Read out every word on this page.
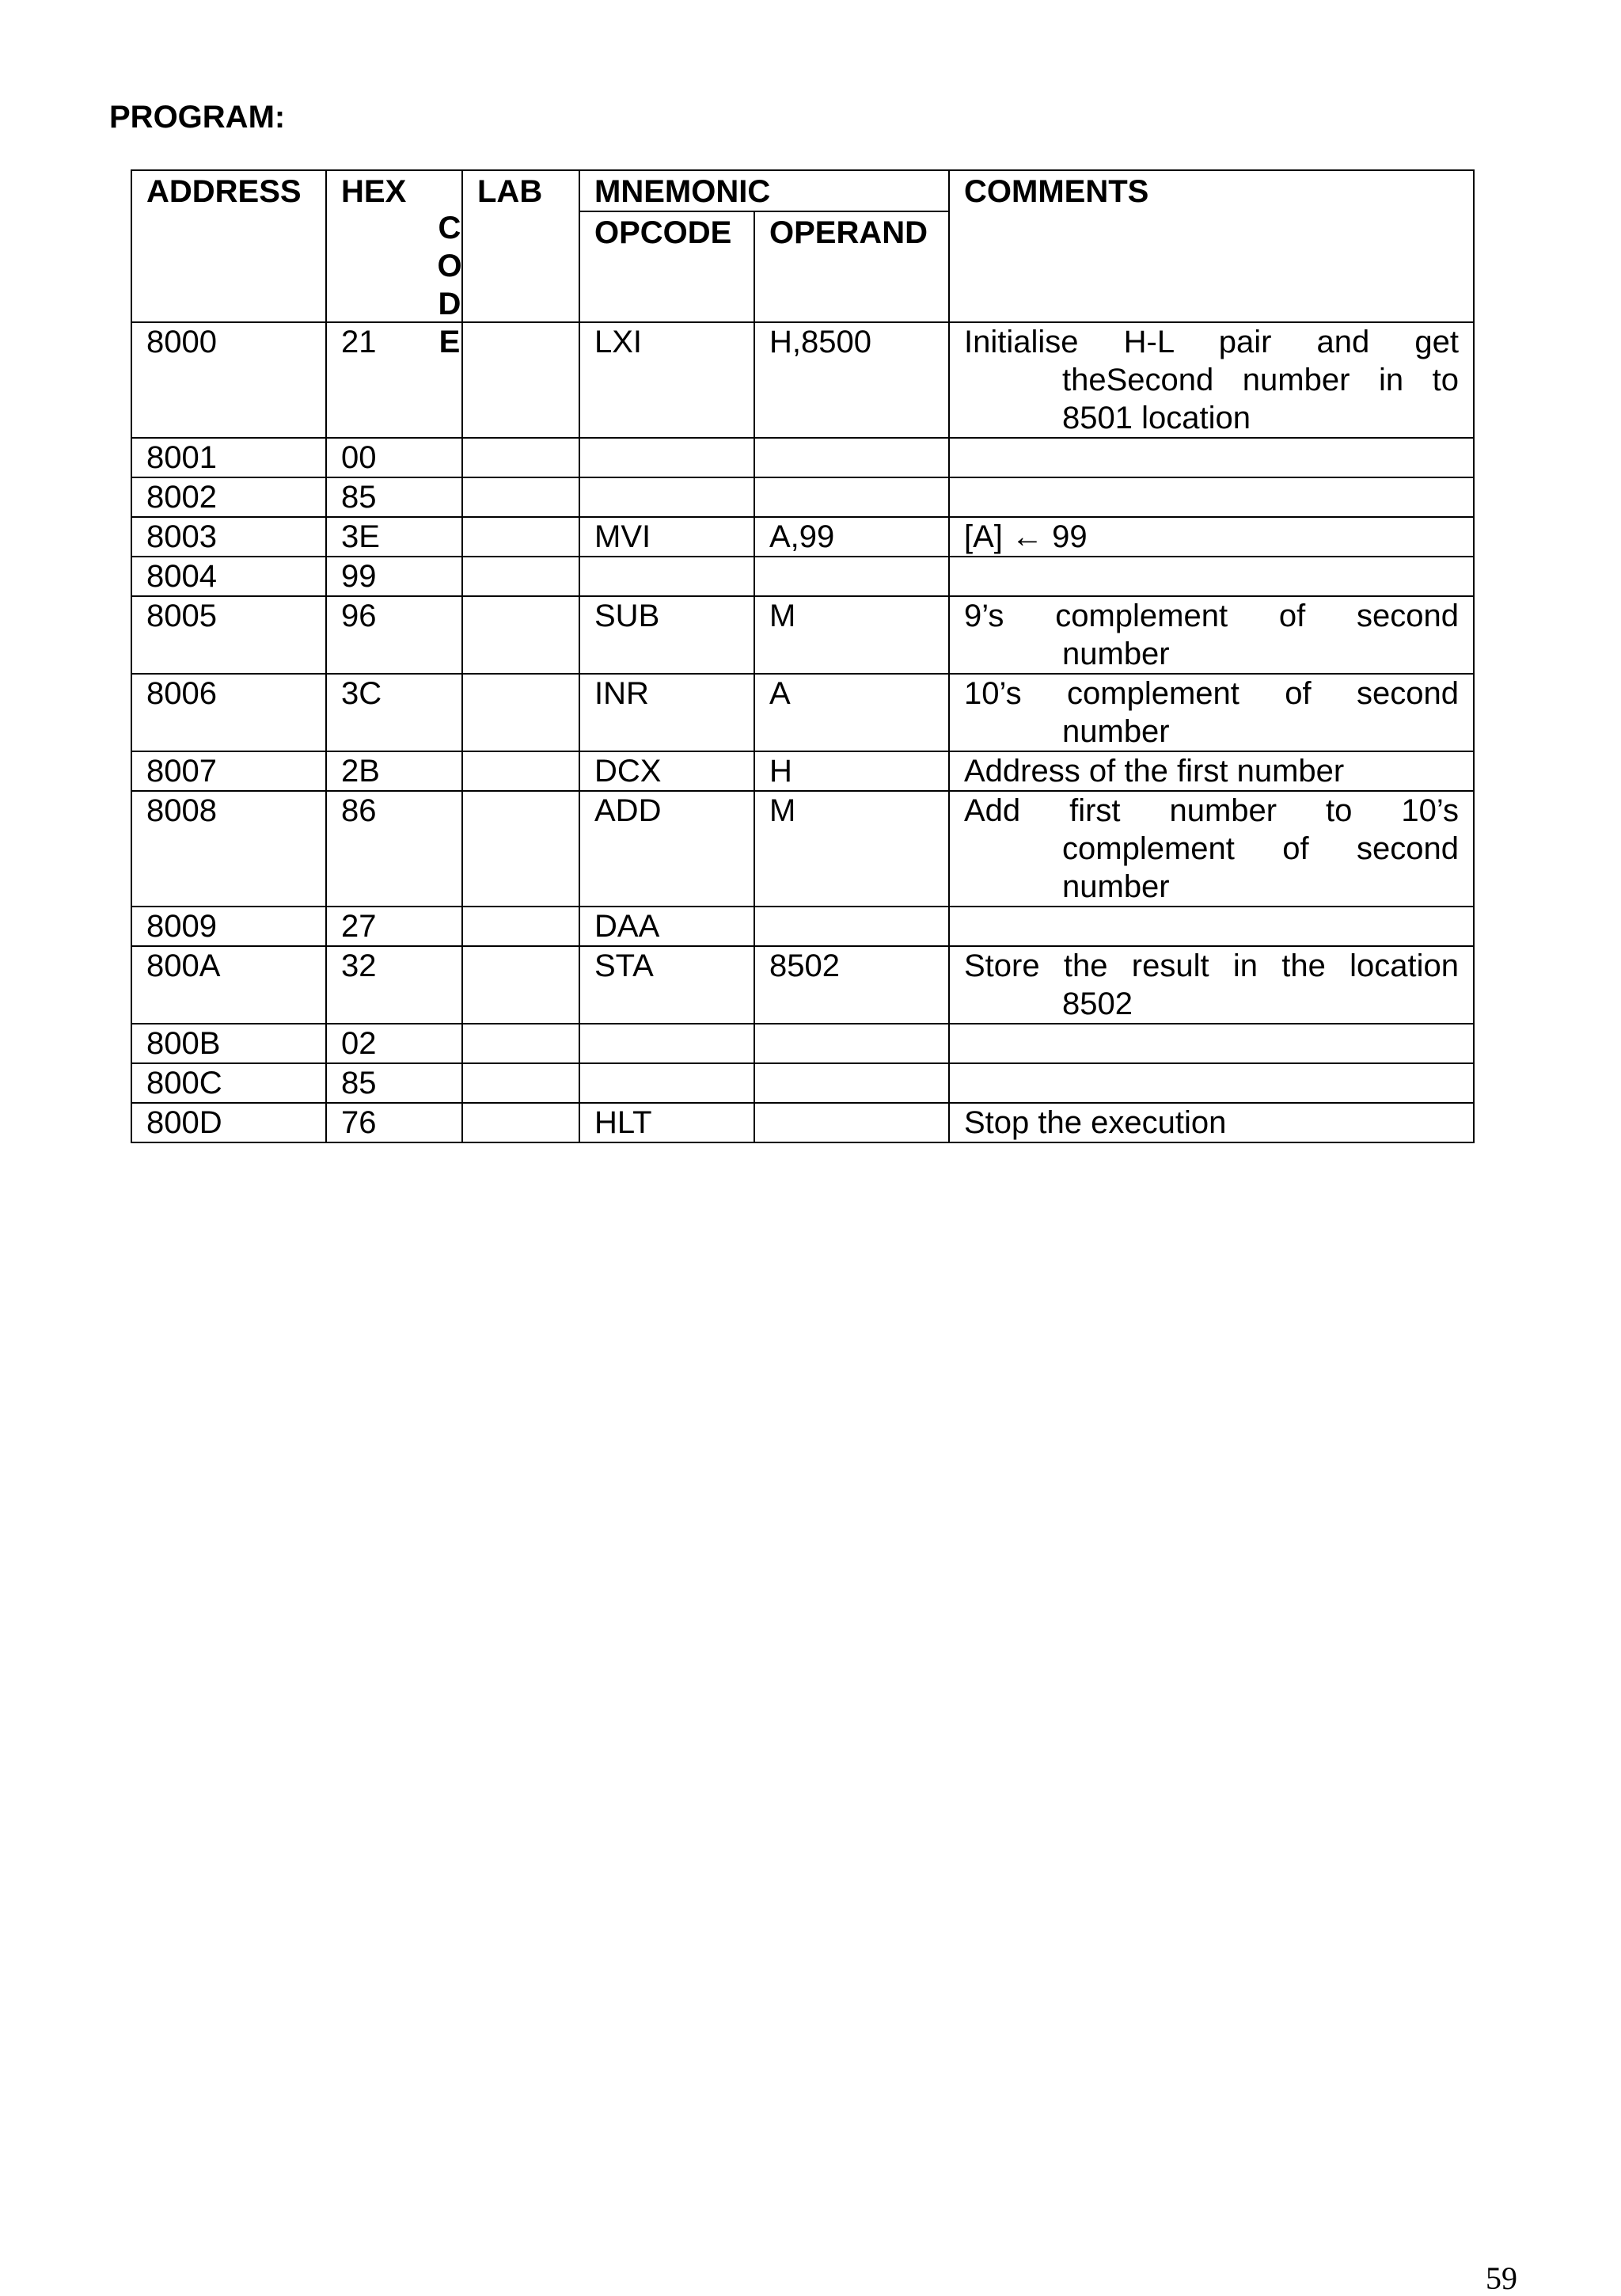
PROGRAM:
ADDRESS	HEX
C
O
D
E	LAB	MNEMONIC		COMMENTS
			OPCODE	OPERAND	
8000	21		LXI	H,8500	Initialise H-L pair and get
theSecond number in to
8501 location

8001	00				

8002	85				

8003	3E		MVI	A,99	[A] ← 99

8004	99				

8005	96		SUB	M	9’s complement of second
number

8006	3C		INR	A	10’s complement of second
number

8007	2B		DCX	H	Address of the first number

8008	86		ADD	M	Add first number to 10’s
complement of second
number

8009	27		DAA		

800A	32		STA	8502	Store the result in the location
8502

800B	02				

800C	85				

800D	76		HLT		Stop the execution
59
